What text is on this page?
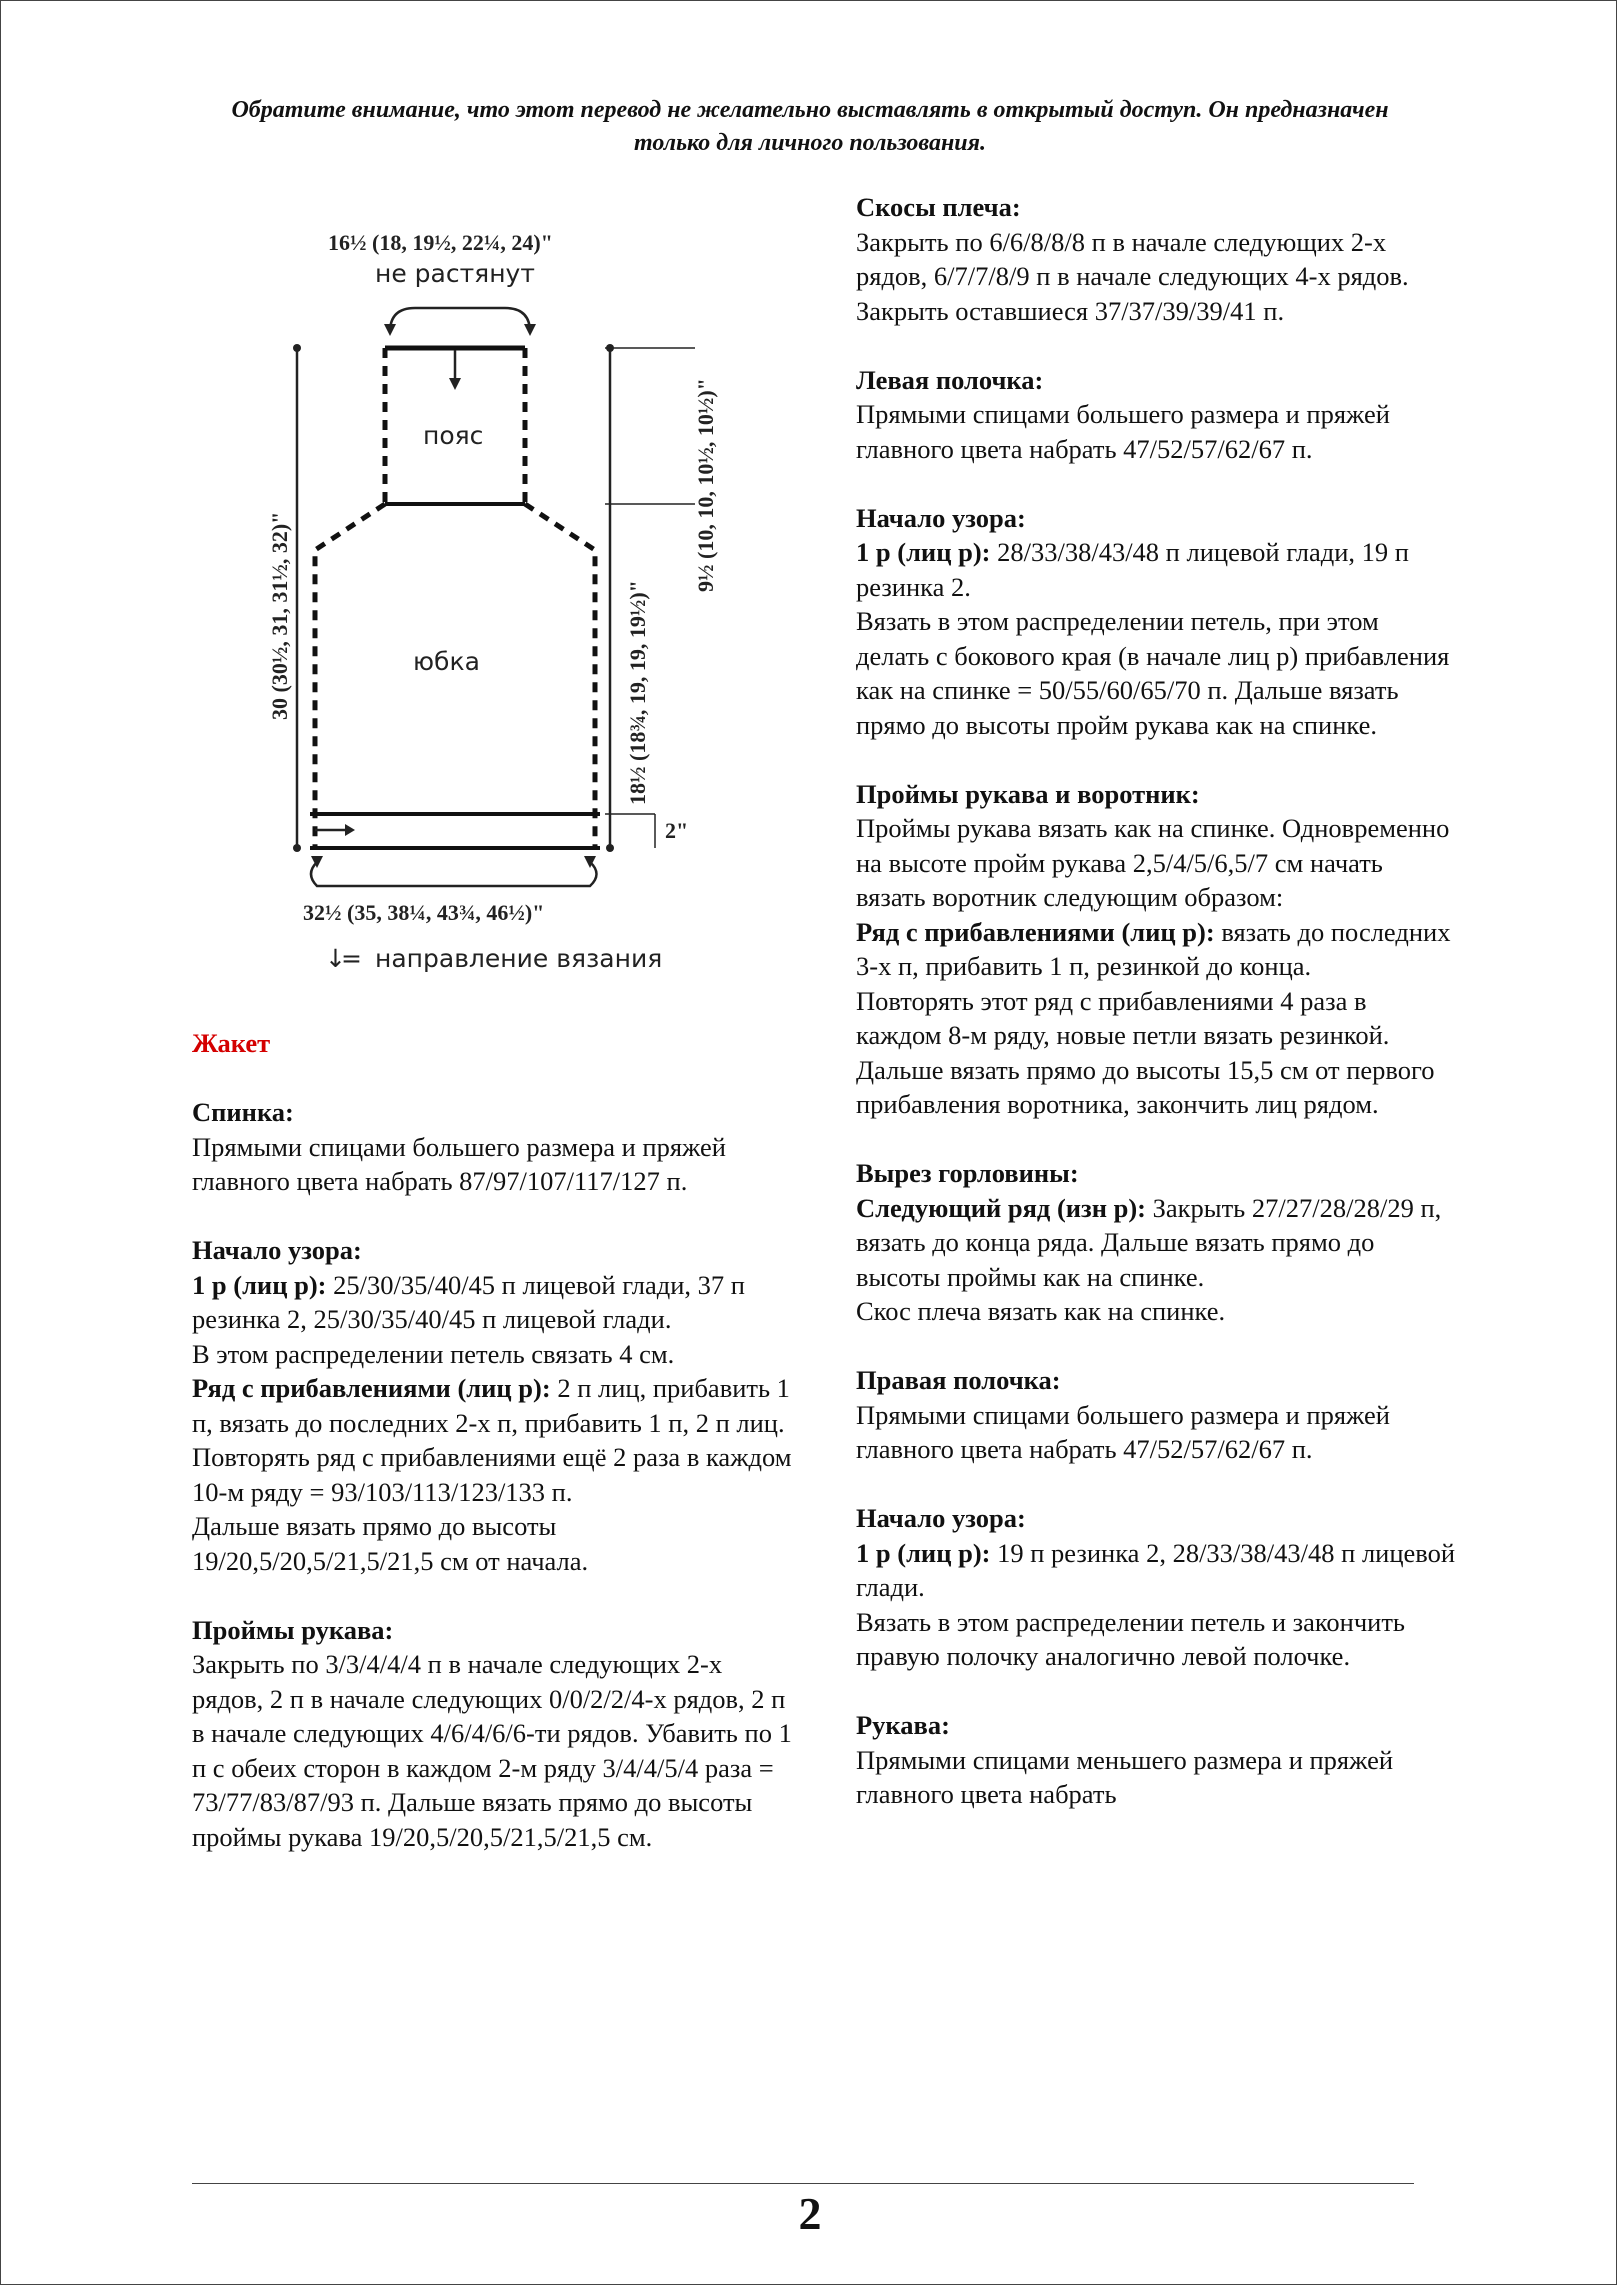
Обратите внимание, что этот перевод не желательно выставлять в открытый доступ. Он предназначен только для личного пользования.
16½ (18, 19½, 22¼, 24)"
не растянут
пояс
юбка
30 (30½, 31, 31½, 32)"
9½ (10, 10, 10½, 10½)"
18½ (18¾, 19, 19, 19½)"
2"
32½ (35, 38¼, 43¾, 46½)"
↓
= направление вязания

Жакет

Спинка:

Прямыми спицами большего размера и пряжей главного цвета набрать 87/97/107/117/127 п.

Начало узора:

1 р (лиц р): 25/30/35/40/45 п лицевой глади, 37 п резинка 2, 25/30/35/40/45 п лицевой глади.

В этом распределении петель связать 4 см.

Ряд с прибавлениями (лиц р): 2 п лиц, прибавить 1 п, вязать до последних 2-х п, прибавить 1 п, 2 п лиц.

Повторять ряд с прибавлениями ещё 2 раза в каждом 10-м ряду = 93/103/113/123/133 п.

Дальше вязать прямо до высоты 19/20,5/20,5/21,5/21,5 см от начала.

Проймы рукава:

Закрыть по 3/3/4/4/4 п в начале следующих 2-х рядов, 2 п в начале следующих 0/0/2/2/4-х рядов, 2 п в начале следующих 4/6/4/6/6-ти рядов. Убавить по 1 п с обеих сторон в каждом 2-м ряду 3/4/4/5/4 раза = 73/77/83/87/93 п. Дальше вязать прямо до высоты проймы рукава 19/20,5/20,5/21,5/21,5 см.

Скосы плеча:

Закрыть по 6/6/8/8/8 п в начале следующих 2-х рядов, 6/7/7/8/9 п в начале следующих 4-х рядов. Закрыть оставшиеся 37/37/39/39/41 п.

Левая полочка:

Прямыми спицами большего размера и пряжей главного цвета набрать 47/52/57/62/67 п.

Начало узора:

1 р (лиц р): 28/33/38/43/48 п лицевой глади, 19 п резинка 2.

Вязать в этом распределении петель, при этом делать с бокового края (в начале лиц р) прибавления как на спинке = 50/55/60/65/70 п. Дальше вязать прямо до высоты пройм рукава как на спинке.

Проймы рукава и воротник:

Проймы рукава вязать как на спинке. Одновременно на высоте пройм рукава 2,5/4/5/6,5/7 см начать вязать воротник следующим образом:

Ряд с прибавлениями (лиц р): вязать до последних 3-х п, прибавить 1 п, резинкой до конца.

Повторять этот ряд с прибавлениями 4 раза в каждом 8-м ряду, новые петли вязать резинкой. Дальше вязать прямо до высоты 15,5 см от первого прибавления воротника, закончить лиц рядом.

Вырез горловины:

Следующий ряд (изн р): Закрыть 27/27/28/28/29 п, вязать до конца ряда. Дальше вязать прямо до высоты проймы как на спинке.

Скос плеча вязать как на спинке.

Правая полочка:

Прямыми спицами большего размера и пряжей главного цвета набрать 47/52/57/62/67 п.

Начало узора:

1 р (лиц р): 19 п резинка 2, 28/33/38/43/48 п лицевой глади.

Вязать в этом распределении петель и закончить правую полочку аналогично левой полочке.

Рукава:

Прямыми спицами меньшего размера и пряжей главного цвета набрать

2
